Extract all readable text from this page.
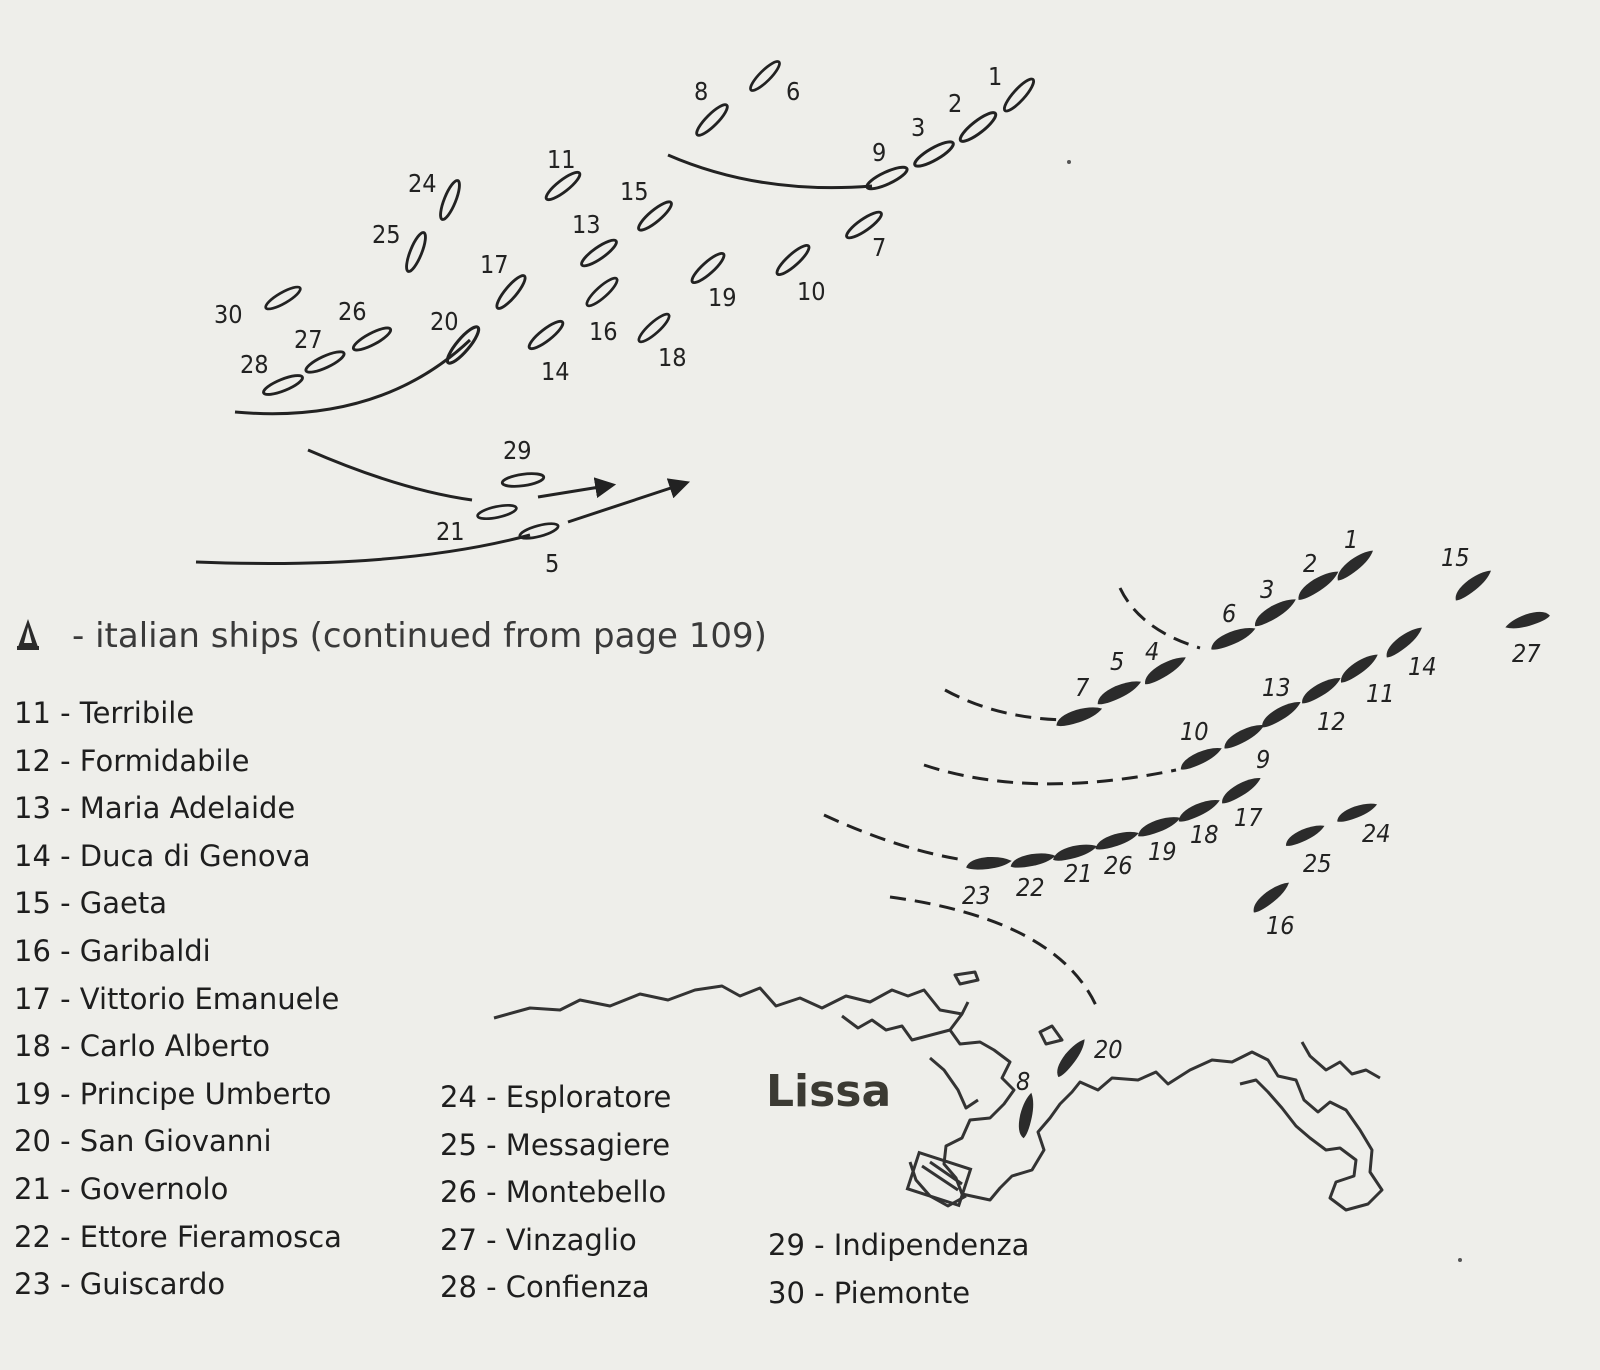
1
2
3
9
8	6
7
10
19
11
15
13
16
18
14
17
20
24
25
26
27
28
30
29
21
5
1
2
3
6
15
27
4
5
7	13	11
14
12
10
9
17
18
19
26
21
22
23
24
25
16
8
20
- italian ships (continued from page 109)
11 - Terribile
12 - Formidabile
13 - Maria Adelaide
14 - Duca di Genova
15 - Gaeta
16 - Garibaldi
17 - Vittorio Emanuele
18 - Carlo Alberto
19 - Principe Umberto
20 - San Giovanni
21 - Governolo
22 - Ettore Fieramosca
23 - Guiscardo
24 - Esploratore
25 - Messagiere
26 - Montebello
27 - Vinzaglio
28 - Confienza
29 - Indipendenza
30 - Piemonte
Lissa
